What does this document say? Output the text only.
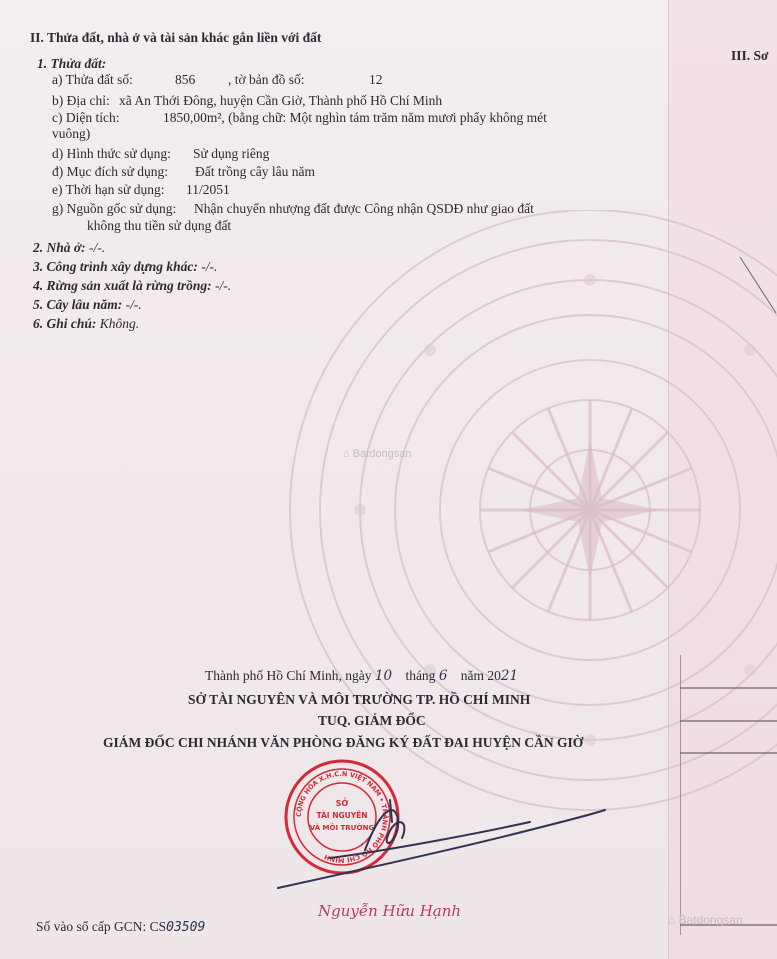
II. Thửa đất, nhà ở và tài sản khác gắn liền với đất
III. Sơ
1. Thửa đất:
a) Thửa đất số:	856 , tờ bản đồ số:	12
b) Địa chỉ: xã An Thới Đông, huyện Cần Giờ, Thành phố Hồ Chí Minh
c) Diện tích:	1850,00m², (bằng chữ: Một nghìn tám trăm năm mươi phẩy không mét
vuông)
d) Hình thức sử dụng: Sử dụng riêng
đ) Mục đích sử dụng: Đất trồng cây lâu năm
e) Thời hạn sử dụng: 11/2051
g) Nguồn gốc sử dụng: Nhận chuyển nhượng đất được Công nhận QSDĐ như giao đất
không thu tiền sử dụng đất
2. Nhà ở: -/-.
3. Công trình xây dựng khác: -/-.
4. Rừng sản xuất là rừng trồng: -/-.
5. Cây lâu năm: -/-.
6. Ghi chú: Không.
⌂ Batdongsan
⌂ Batdongsan
Thành phố Hồ Chí Minh, ngày 10 tháng 6 năm 2021
SỞ TÀI NGUYÊN VÀ MÔI TRƯỜNG TP. HỒ CHÍ MINH
TUQ. GIÁM ĐỐC
GIÁM ĐỐC CHI NHÁNH VĂN PHÒNG ĐĂNG KÝ ĐẤT ĐAI HUYỆN CẦN GIỜ
CỘNG HÒA X.H.C.N VIỆT NAM • THÀNH PHỐ HỒ CHÍ MINH
SỞ
TÀI NGUYÊN
VÀ MÔI TRƯỜNG
Nguyễn Hữu Hạnh
Số vào sổ cấp GCN: CS03509
